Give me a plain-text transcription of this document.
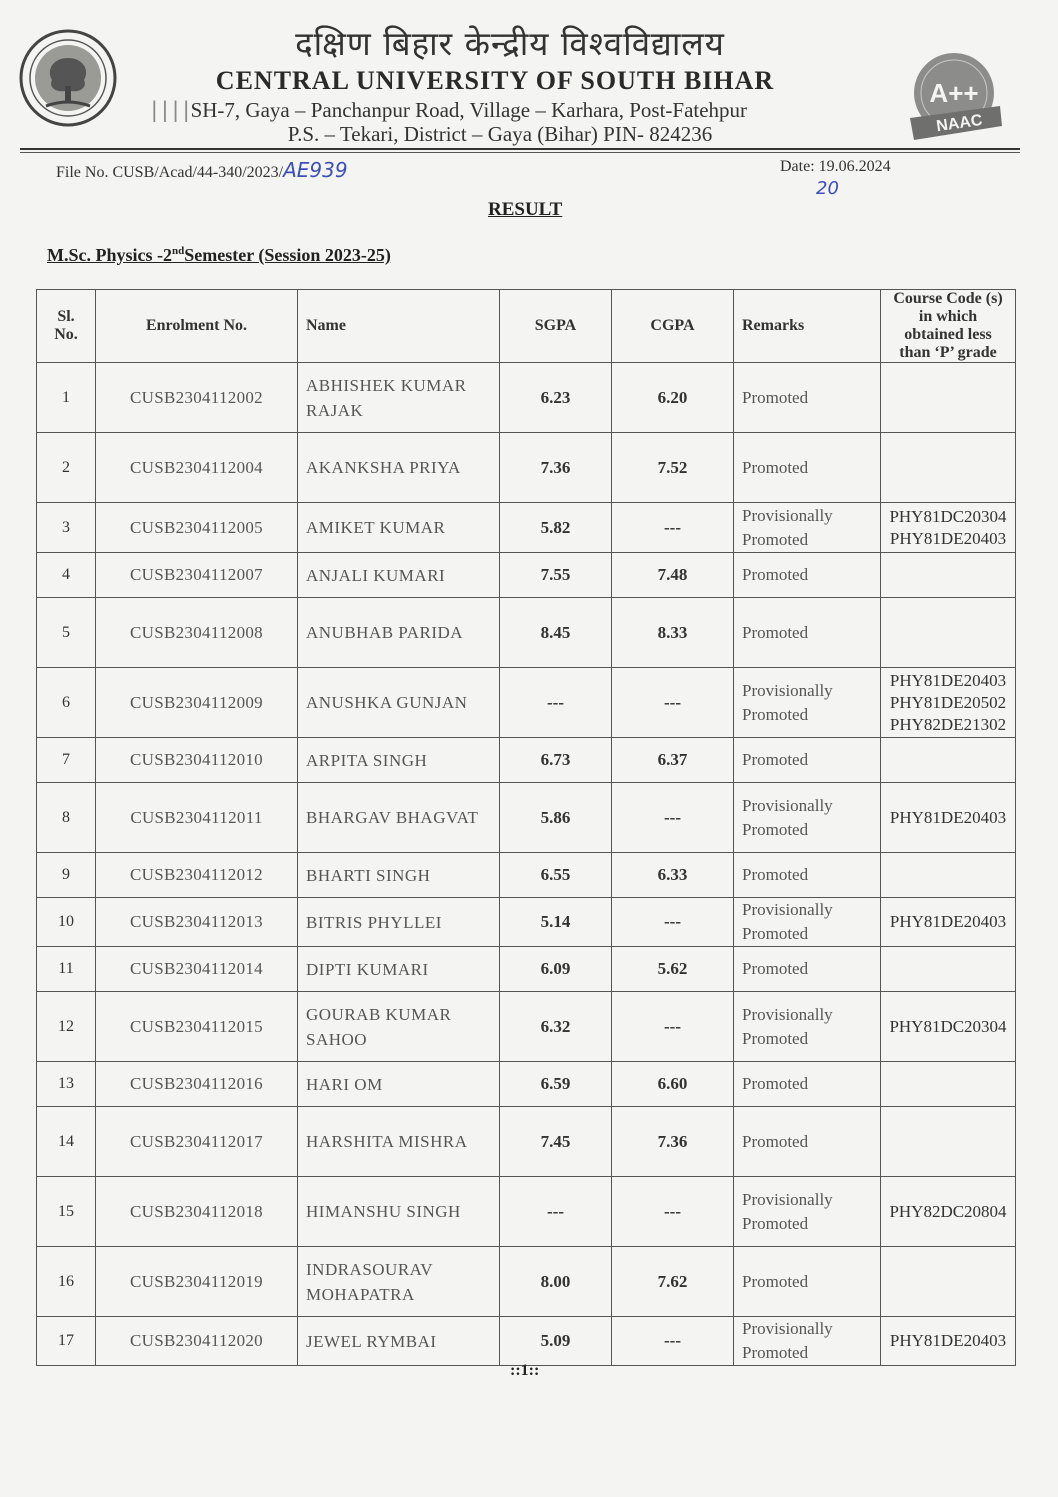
A++
NAAC
दक्षिण बिहार केन्द्रीय विश्वविद्यालय
CENTRAL UNIVERSITY OF SOUTH BIHAR
||||SH-7, Gaya – Panchanpur Road, Village – Karhara, Post-Fatehpur
P.S. – Tekari, District – Gaya (Bihar) PIN- 824236
File No. CUSB/Acad/44-340/2023/AE939	Date: 19.06.2024
20
RESULT
M.Sc. Physics -2ndSemester (Session 2023-25)
Sl. No.	Enrolment No.	Name	SGPA	CGPA	Remarks	Course Code (s) in which obtained less than ‘P’ grade
1	CUSB2304112002	ABHISHEK KUMAR RAJAK	6.23	6.20	Promoted	
2	CUSB2304112004	AKANKSHA PRIYA	7.36	7.52	Promoted	
3	CUSB2304112005	AMIKET KUMAR	5.82	---	Provisionally Promoted	PHY81DC20304
PHY81DE20403
4	CUSB2304112007	ANJALI KUMARI	7.55	7.48	Promoted	
5	CUSB2304112008	ANUBHAB PARIDA	8.45	8.33	Promoted	
6	CUSB2304112009	ANUSHKA GUNJAN	---	---	Provisionally Promoted	PHY81DE20403
PHY81DE20502
PHY82DE21302
7	CUSB2304112010	ARPITA SINGH	6.73	6.37	Promoted	
8	CUSB2304112011	BHARGAV BHAGVAT	5.86	---	Provisionally Promoted	PHY81DE20403
9	CUSB2304112012	BHARTI SINGH	6.55	6.33	Promoted	
10	CUSB2304112013	BITRIS PHYLLEI	5.14	---	Provisionally Promoted	PHY81DE20403
11	CUSB2304112014	DIPTI KUMARI	6.09	5.62	Promoted	
12	CUSB2304112015	GOURAB KUMAR SAHOO	6.32	---	Provisionally Promoted	PHY81DC20304
13	CUSB2304112016	HARI OM	6.59	6.60	Promoted	
14	CUSB2304112017	HARSHITA MISHRA	7.45	7.36	Promoted	
15	CUSB2304112018	HIMANSHU SINGH	---	---	Provisionally Promoted	PHY82DC20804
16	CUSB2304112019	INDRASOURAV MOHAPATRA	8.00	7.62	Promoted	
17	CUSB2304112020	JEWEL RYMBAI	5.09	---	Provisionally Promoted	PHY81DE20403
::1::
